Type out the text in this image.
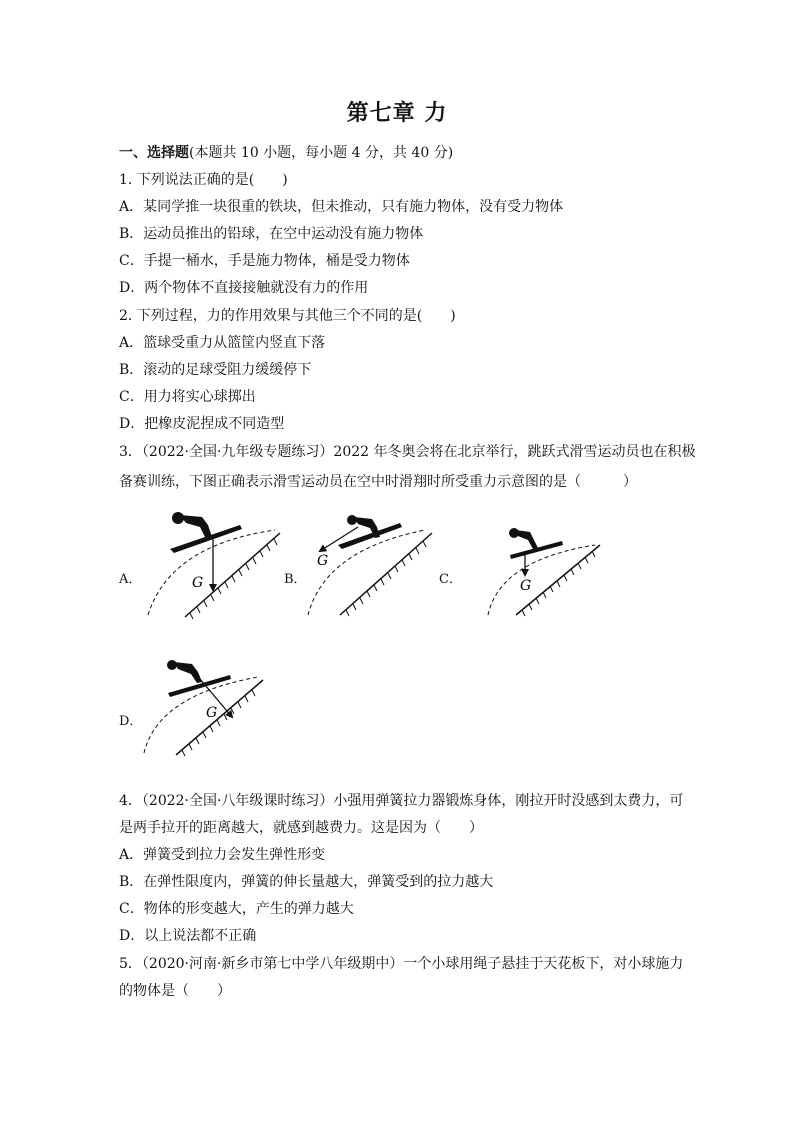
第七章 力
一、选择题(本题共 10 小题，每小题 4 分，共 40 分)
1. 下列说法正确的是(　　)
A．某同学推一块很重的铁块，但未推动，只有施力物体，没有受力物体
B．运动员推出的铅球，在空中运动没有施力物体
C．手提一桶水，手是施力物体，桶是受力物体
D．两个物体不直接接触就没有力的作用
2. 下列过程，力的作用效果与其他三个不同的是(　　)
A．篮球受重力从篮筐内竖直下落
B．滚动的足球受阻力缓缓停下
C．用力将实心球掷出
D．把橡皮泥捏成不同造型
3．（2022·全国·九年级专题练习）2022 年冬奥会将在北京举行，跳跃式滑雪运动员也在积极
备赛训练，下图正确表示滑雪运动员在空中时滑翔时所受重力示意图的是（　　　）
A．	G	B．
G
C．	G
D．
G
4．（2022·全国·八年级课时练习）小强用弹簧拉力器锻炼身体，刚拉开时没感到太费力，可
是两手拉开的距离越大，就感到越费力。这是因为（　　）
A．弹簧受到拉力会发生弹性形变
B．在弹性限度内，弹簧的伸长量越大，弹簧受到的拉力越大
C．物体的形变越大，产生的弹力越大
D．以上说法都不正确
5．（2020·河南·新乡市第七中学八年级期中）一个小球用绳子悬挂于天花板下，对小球施力
的物体是（　　）
